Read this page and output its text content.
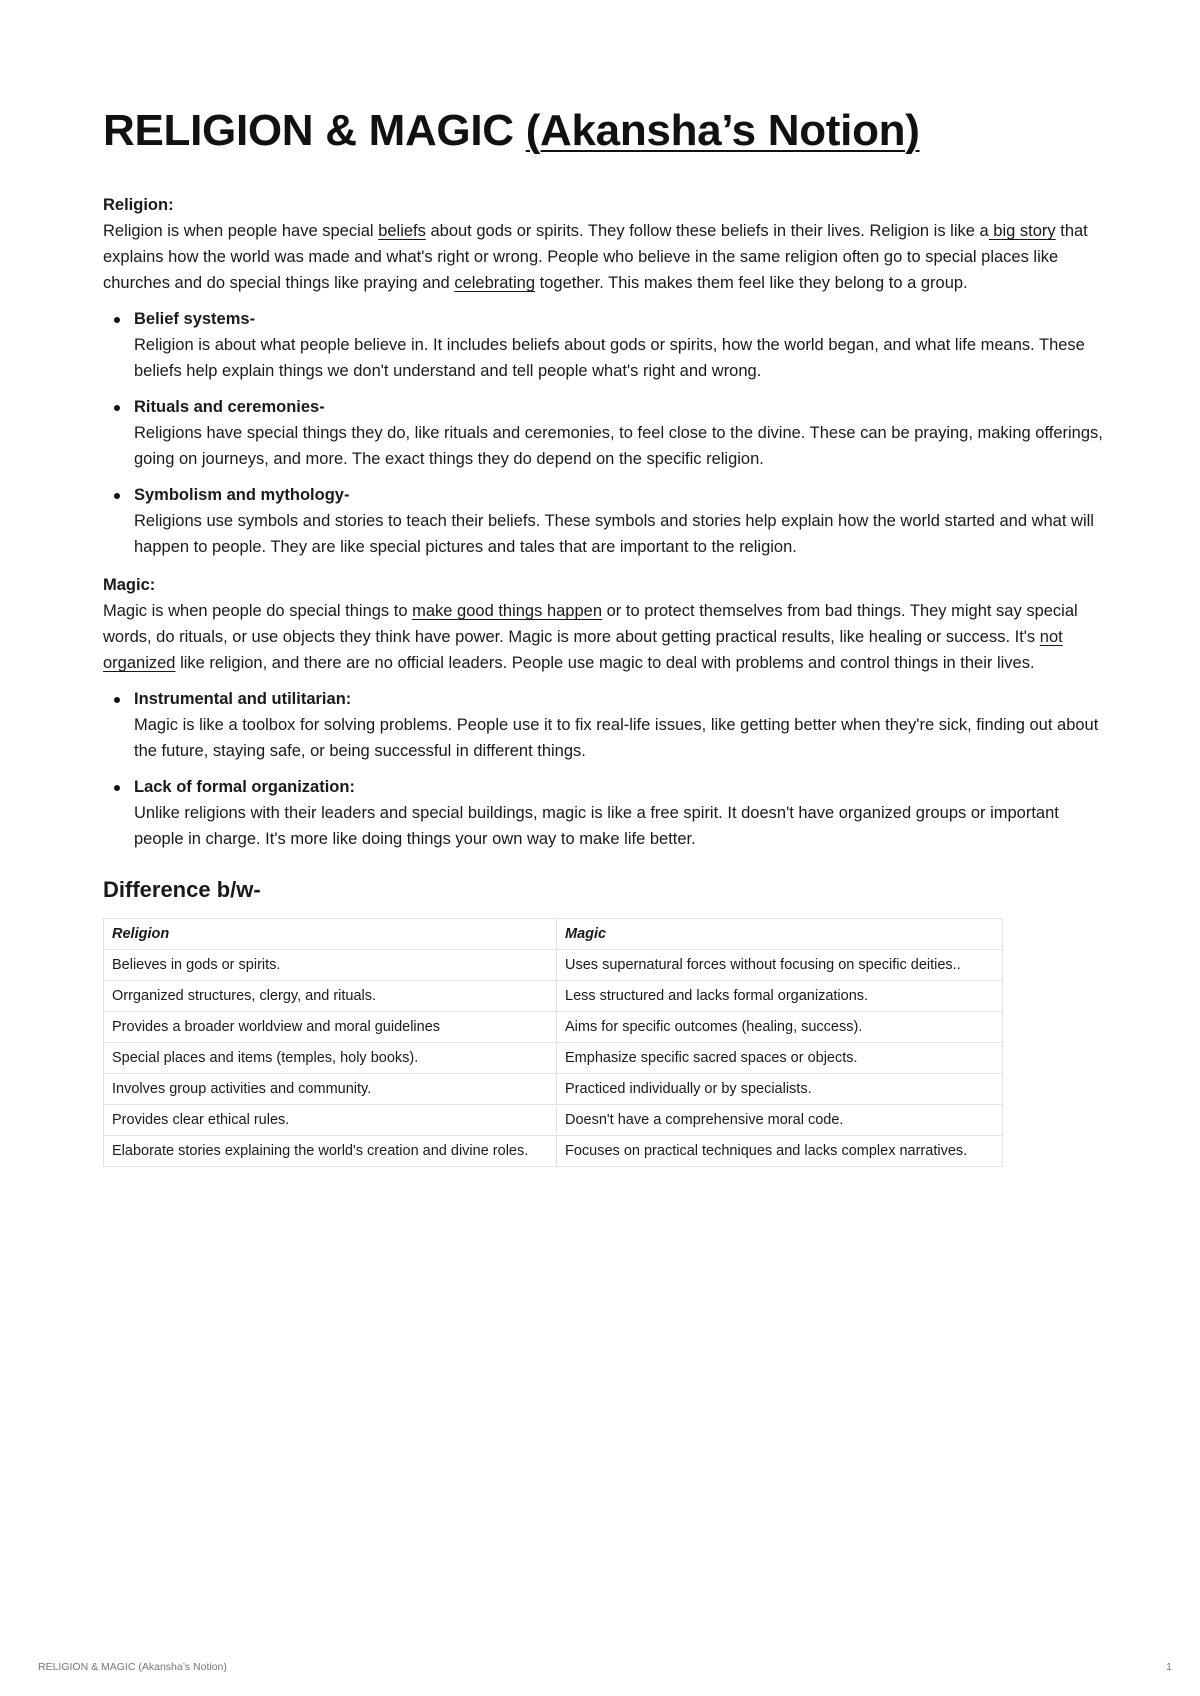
RELIGION & MAGIC (Akansha’s Notion)
Religion:

Religion is when people have special beliefs about gods or spirits. They follow these beliefs in their lives. Religion is like a big story that explains how the world was made and what's right or wrong. People who believe in the same religion often go to special places like churches and do special things like praying and celebrating together. This makes them feel like they belong to a group.

Belief systems-
Religion is about what people believe in. It includes beliefs about gods or spirits, how the world began, and what life means. These beliefs help explain things we don't understand and tell people what's right and wrong.
Rituals and ceremonies-
Religions have special things they do, like rituals and ceremonies, to feel close to the divine. These can be praying, making offerings, going on journeys, and more. The exact things they do depend on the specific religion.
Symbolism and mythology-
Religions use symbols and stories to teach their beliefs. These symbols and stories help explain how the world started and what will happen to people. They are like special pictures and tales that are important to the religion.
Magic:

Magic is when people do special things to make good things happen or to protect themselves from bad things. They might say special words, do rituals, or use objects they think have power. Magic is more about getting practical results, like healing or success. It's not organized like religion, and there are no official leaders. People use magic to deal with problems and control things in their lives.

Instrumental and utilitarian:
Magic is like a toolbox for solving problems. People use it to fix real-life issues, like getting better when they're sick, finding out about the future, staying safe, or being successful in different things.
Lack of formal organization:
Unlike religions with their leaders and special buildings, magic is like a free spirit. It doesn't have organized groups or important people in charge. It's more like doing things your own way to make life better.
Difference b/w-
Religion	Magic
Believes in gods or spirits.	Uses supernatural forces without focusing on specific deities..
Orrganized structures, clergy, and rituals.	Less structured and lacks formal organizations.
Provides a broader worldview and moral guidelines	Aims for specific outcomes (healing, success).
Special places and items (temples, holy books).	Emphasize specific sacred spaces or objects.
Involves group activities and community.	Practiced individually or by specialists.
Provides clear ethical rules.	Doesn't have a comprehensive moral code.
Elaborate stories explaining the world's creation and divine roles.	Focuses on practical techniques and lacks complex narratives.
RELIGION & MAGIC (Akansha’s Notion)	1
